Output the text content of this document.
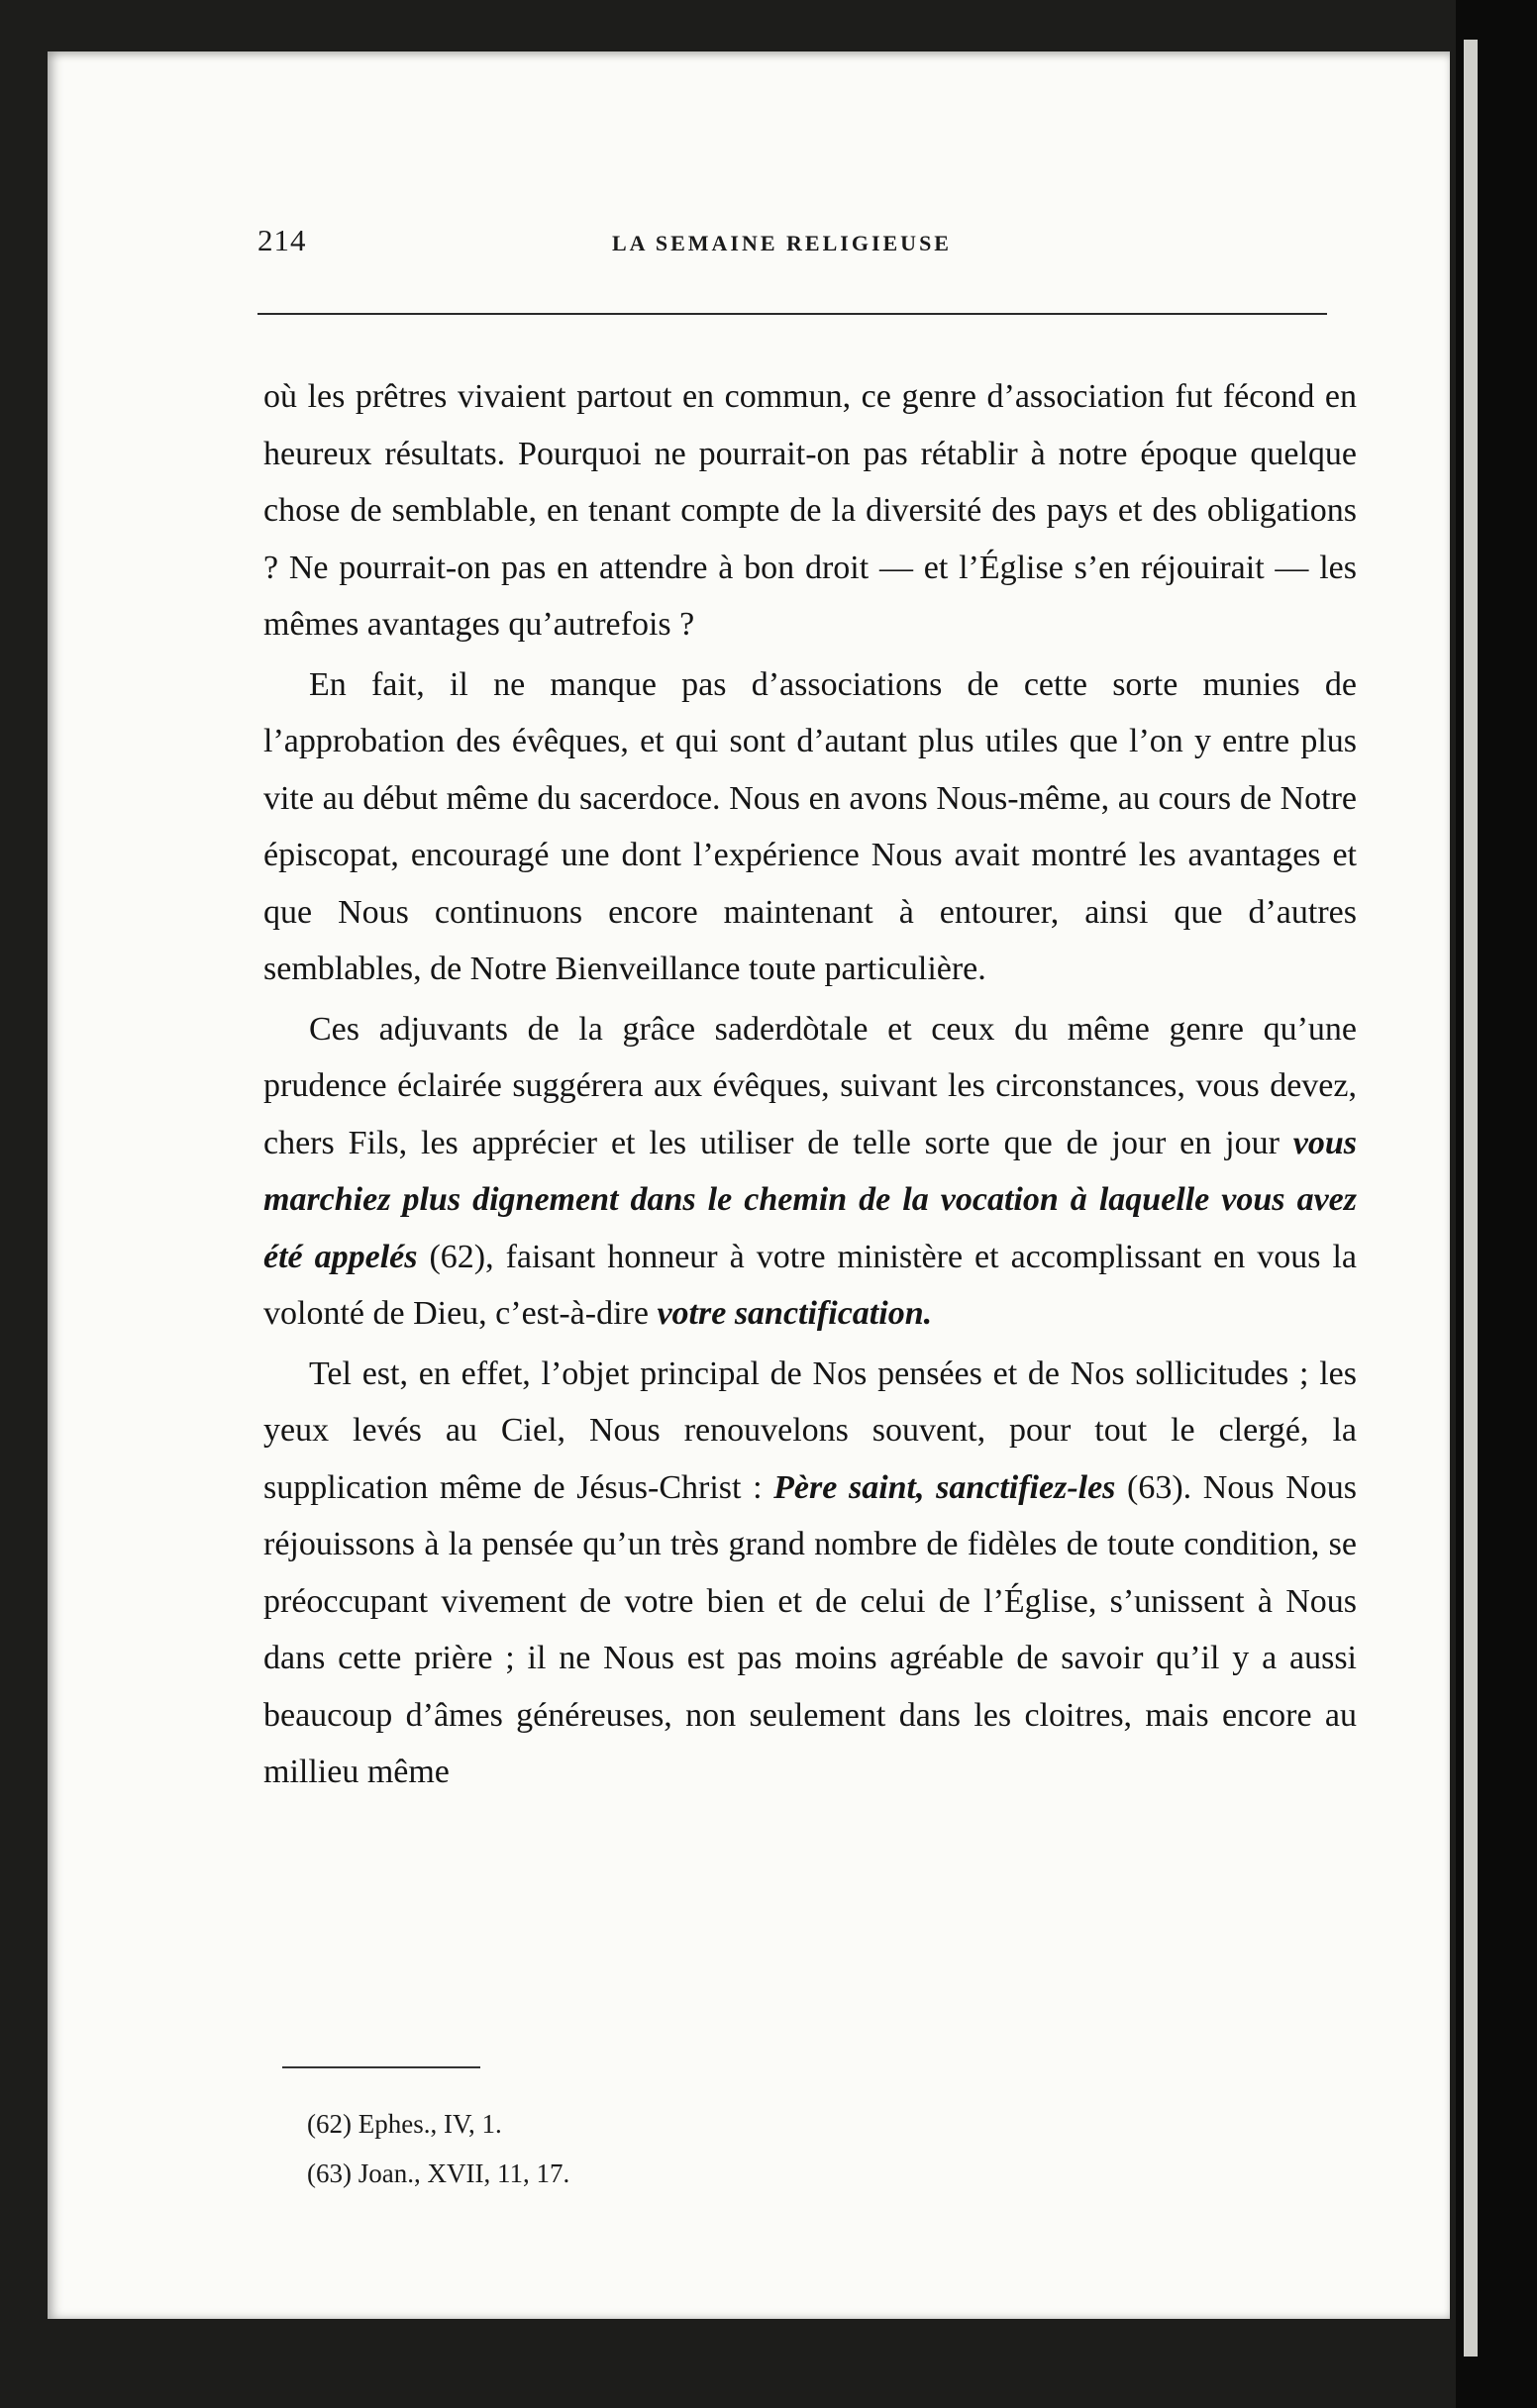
214	LA SEMAINE RELIGIEUSE

où les prêtres vivaient partout en commun, ce genre d’association fut fécond en heureux résultats. Pourquoi ne pourrait-on pas rétablir à notre époque quelque chose de semblable, en tenant compte de la diversité des pays et des obligations ? Ne pourrait-on pas en attendre à bon droit — et l’Église s’en réjouirait — les mêmes avantages qu’autrefois ?

En fait, il ne manque pas d’associations de cette sorte munies de l’approbation des évêques, et qui sont d’autant plus utiles que l’on y entre plus vite au début même du sacerdoce. Nous en avons Nous-même, au cours de Notre épiscopat, encouragé une dont l’expérience Nous avait montré les avantages et que Nous continuons encore maintenant à entourer, ainsi que d’autres semblables, de Notre Bienveillance toute particulière.

Ces adjuvants de la grâce saderdòtale et ceux du même genre qu’une prudence éclairée suggérera aux évêques, suivant les circonstances, vous devez, chers Fils, les apprécier et les utiliser de telle sorte que de jour en jour vous marchiez plus dignement dans le chemin de la vocation à laquelle vous avez été appelés (62), faisant honneur à votre ministère et accomplissant en vous la volonté de Dieu, c’est-à-dire votre sanctification.

Tel est, en effet, l’objet principal de Nos pensées et de Nos sollicitudes ; les yeux levés au Ciel, Nous renouvelons souvent, pour tout le clergé, la supplication même de Jésus-Christ : Père saint, sanctifiez-les (63). Nous Nous réjouissons à la pensée qu’un très grand nombre de fidèles de toute condition, se préoccupant vivement de votre bien et de celui de l’Église, s’unissent à Nous dans cette prière ; il ne Nous est pas moins agréable de savoir qu’il y a aussi beaucoup d’âmes généreuses, non seulement dans les cloitres, mais encore au millieu même

(62) Ephes., IV, 1.

(63) Joan., XVII, 11, 17.
